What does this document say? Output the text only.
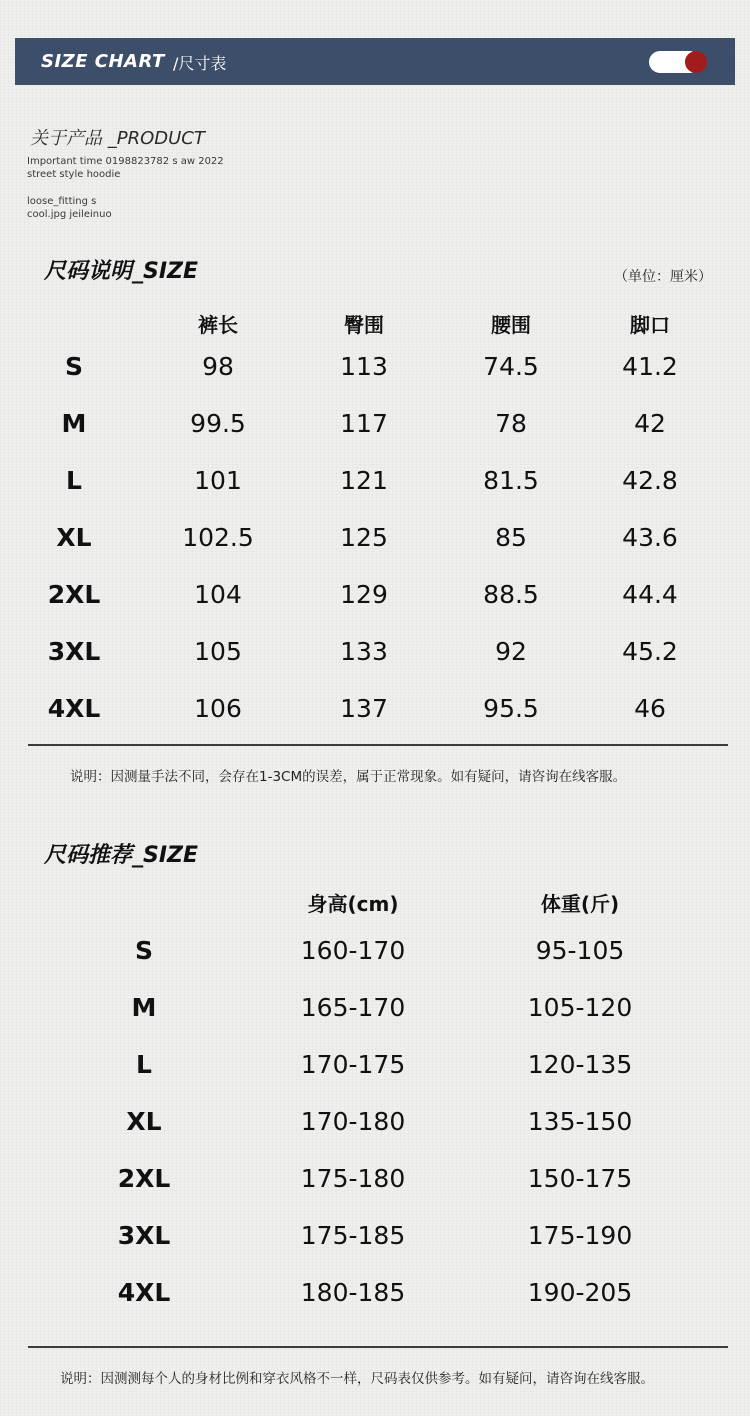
SIZE CHART /尺寸表
关于产品 _PRODUCT
Important time 0198823782 s aw 2022
street style hoodie
loose_fitting s
cool.jpg jeileinuo
尺码说明_SIZE	（单位：厘米）
裤长	臀围	腰围	脚口
S	98	113	74.5	41.2
M	99.5	117	78	42
L	101	121	81.5	42.8
XL	102.5	125	85	43.6
2XL	104	129	88.5	44.4
3XL	105	133	92	45.2
4XL	106	137	95.5	46
说明：因测量手法不同，会存在1-3CM的误差，属于正常现象。如有疑问，请咨询在线客服。
尺码推荐_SIZE
身高(cm)	体重(斤)
S	160-170	95-105
M	165-170	105-120
L	170-175	120-135
XL	170-180	135-150
2XL	175-180	150-175
3XL	175-185	175-190
4XL	180-185	190-205
说明：因测测每个人的身材比例和穿衣风格不一样，尺码表仅供参考。如有疑问，请咨询在线客服。
